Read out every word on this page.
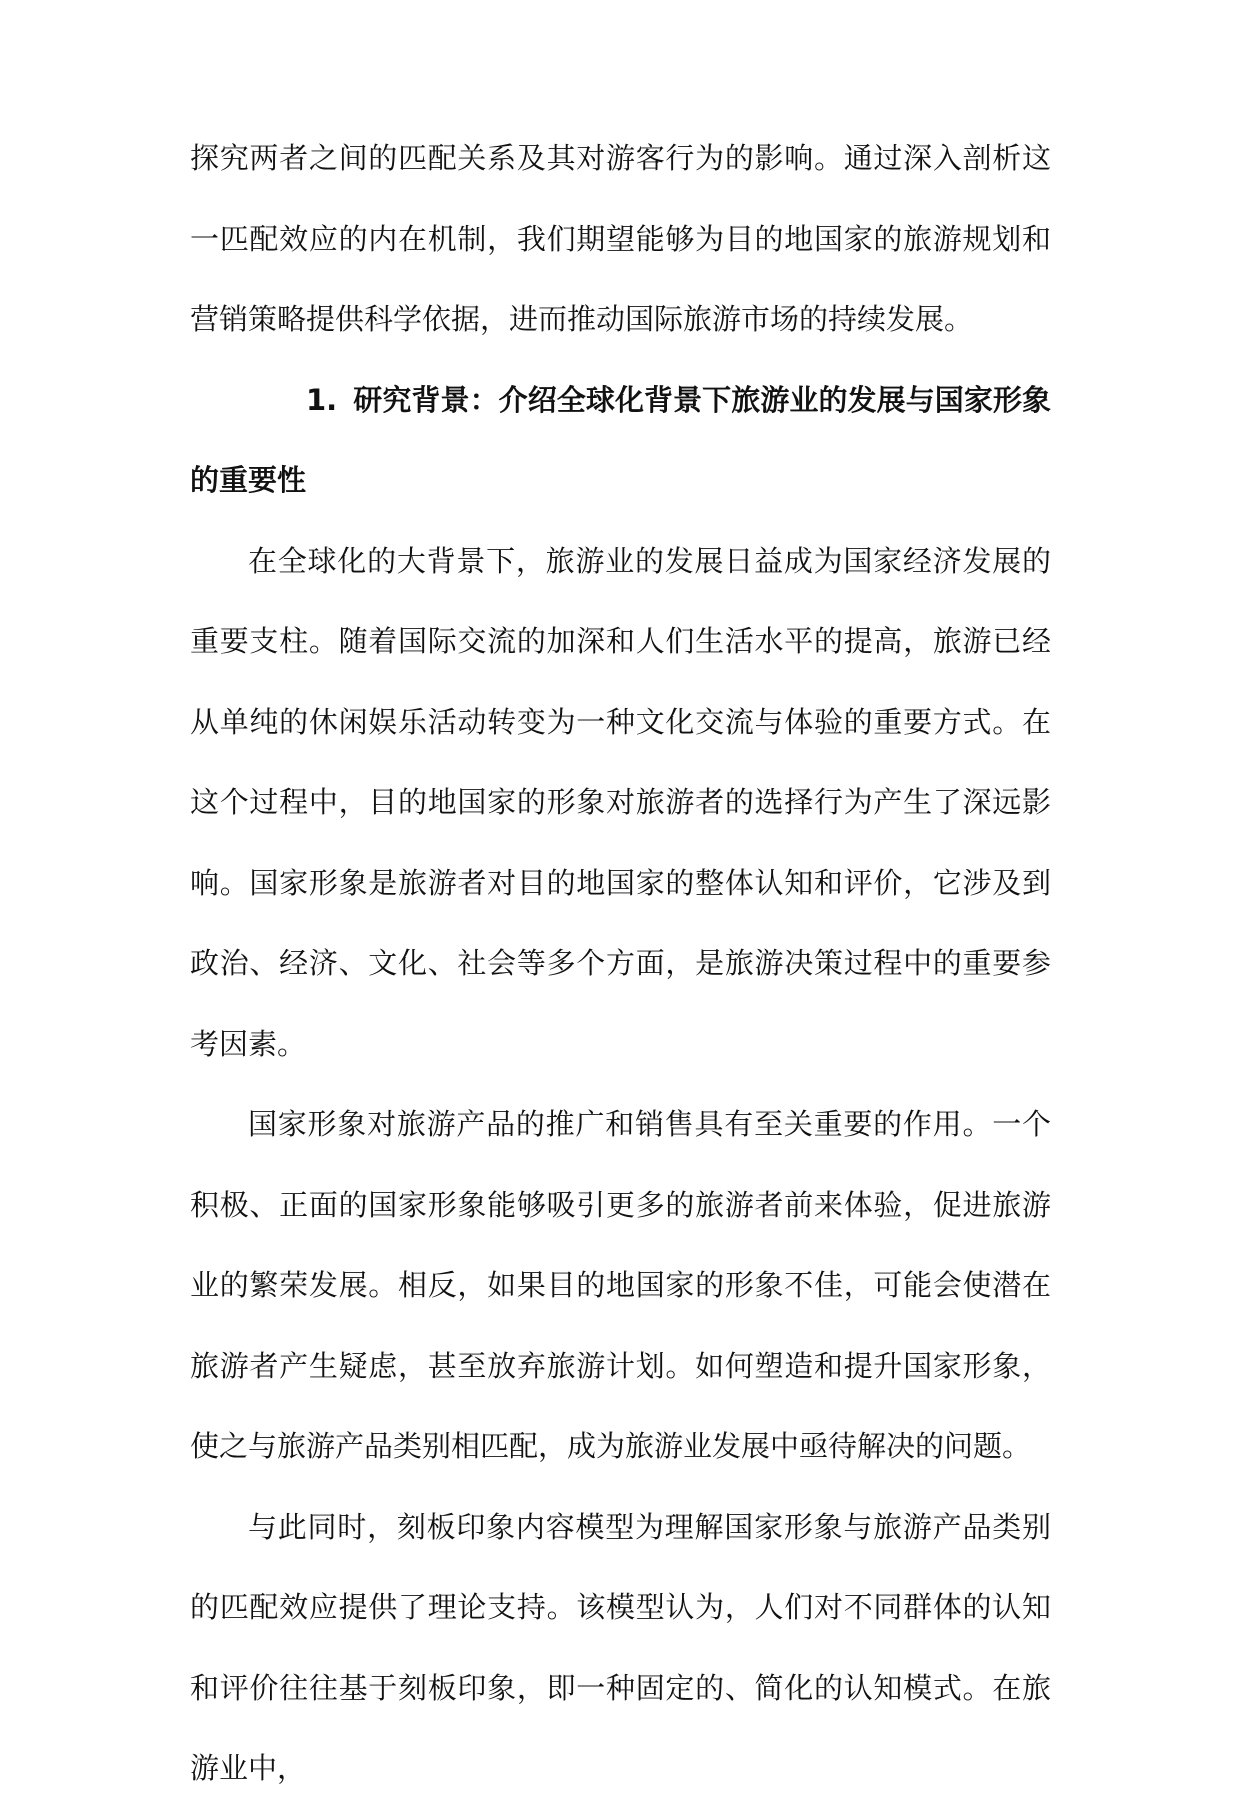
探究两者之间的匹配关系及其对游客行为的影响。通过深入剖析这一匹配效应的内在机制，我们期望能够为目的地国家的旅游规划和营销策略提供科学依据，进而推动国际旅游市场的持续发展。

1. 研究背景：介绍全球化背景下旅游业的发展与国家形象的重要性

在全球化的大背景下，旅游业的发展日益成为国家经济发展的重要支柱。随着国际交流的加深和人们生活水平的提高，旅游已经从单纯的休闲娱乐活动转变为一种文化交流与体验的重要方式。在这个过程中，目的地国家的形象对旅游者的选择行为产生了深远影响。国家形象是旅游者对目的地国家的整体认知和评价，它涉及到政治、经济、文化、社会等多个方面，是旅游决策过程中的重要参考因素。

国家形象对旅游产品的推广和销售具有至关重要的作用。一个积极、正面的国家形象能够吸引更多的旅游者前来体验，促进旅游业的繁荣发展。相反，如果目的地国家的形象不佳，可能会使潜在旅游者产生疑虑，甚至放弃旅游计划。如何塑造和提升国家形象，使之与旅游产品类别相匹配，成为旅游业发展中亟待解决的问题。

与此同时，刻板印象内容模型为理解国家形象与旅游产品类别的匹配效应提供了理论支持。该模型认为，人们对不同群体的认知和评价往往基于刻板印象，即一种固定的、简化的认知模式。在旅游业中，
